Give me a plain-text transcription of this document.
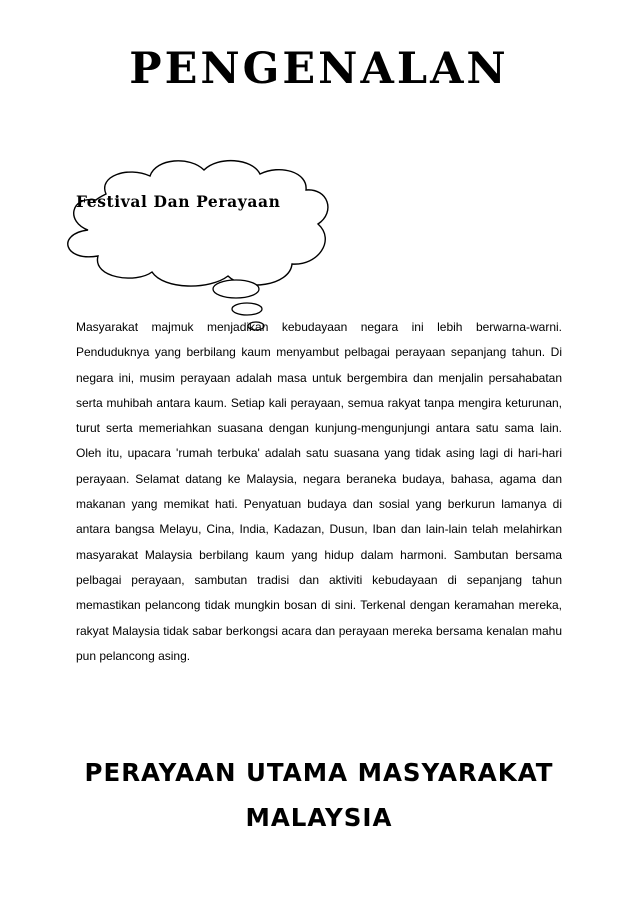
PENGENALAN
Festival Dan Perayaan

Masyarakat majmuk menjadikan kebudayaan negara ini lebih berwarna-warni. Penduduknya yang berbilang kaum menyambut pelbagai perayaan sepanjang tahun. Di negara ini, musim perayaan adalah masa untuk bergembira dan menjalin persahabatan serta muhibah antara kaum. Setiap kali perayaan, semua rakyat tanpa mengira keturunan, turut serta memeriahkan suasana dengan kunjung-mengunjungi antara satu sama lain. Oleh itu, upacara 'rumah terbuka' adalah satu suasana yang tidak asing lagi di hari-hari perayaan. Selamat datang ke Malaysia, negara beraneka budaya, bahasa, agama dan makanan yang memikat hati. Penyatuan budaya dan sosial yang berkurun lamanya di antara bangsa Melayu, Cina, India, Kadazan, Dusun, Iban dan lain-lain telah melahirkan masyarakat Malaysia berbilang kaum yang hidup dalam harmoni. Sambutan bersama pelbagai perayaan, sambutan tradisi dan aktiviti kebudayaan di sepanjang tahun memastikan pelancong tidak mungkin bosan di sini. Terkenal dengan keramahan mereka, rakyat Malaysia tidak sabar berkongsi acara dan perayaan mereka bersama kenalan mahu pun pelancong asing.

PERAYAAN UTAMA MASYARAKAT
MALAYSIA
